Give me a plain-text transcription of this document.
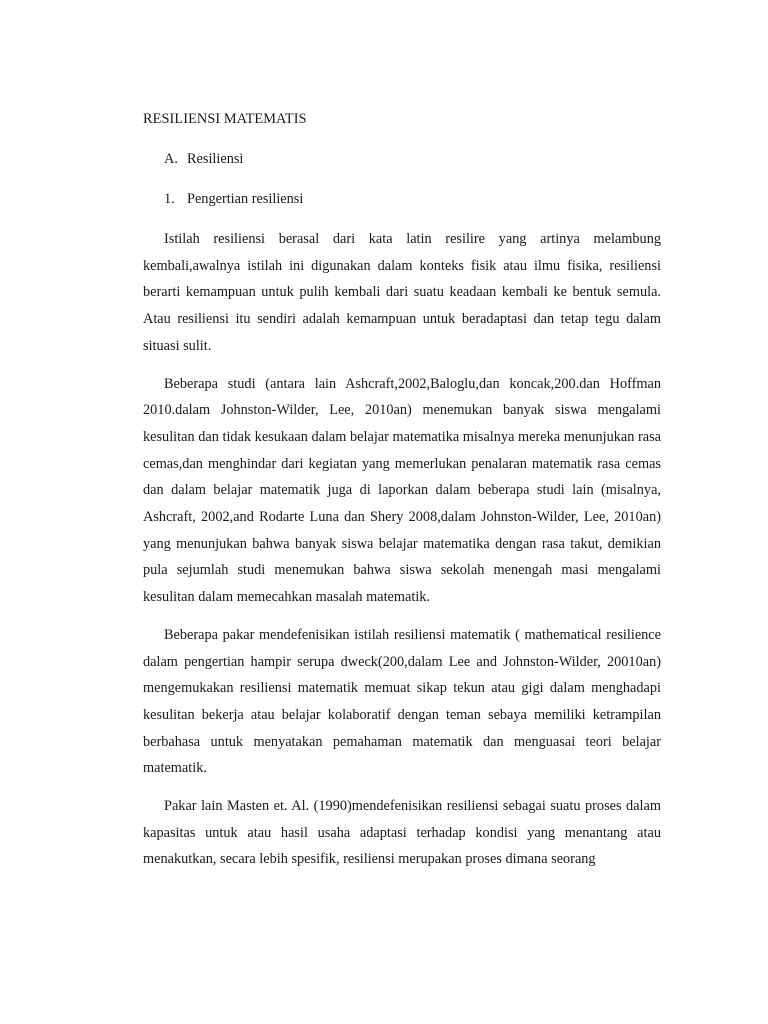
RESILIENSI MATEMATIS
A. Resiliensi
1. Pengertian resiliensi

Istilah resiliensi berasal dari kata latin resilire yang artinya melambung kembali,awalnya istilah ini digunakan dalam konteks fisik atau ilmu fisika, resiliensi berarti kemampuan untuk pulih kembali dari suatu keadaan kembali ke bentuk semula. Atau resiliensi itu sendiri adalah kemampuan untuk beradaptasi dan tetap tegu dalam situasi sulit.

Beberapa studi (antara lain Ashcraft,2002,Baloglu,dan koncak,200.dan Hoffman 2010.dalam Johnston-Wilder, Lee, 2010an) menemukan banyak siswa mengalami kesulitan dan tidak kesukaan dalam belajar matematika misalnya mereka menunjukan rasa cemas,dan menghindar dari kegiatan yang memerlukan penalaran matematik rasa cemas dan dalam belajar matematik juga di laporkan dalam beberapa studi lain (misalnya, Ashcraft, 2002,and Rodarte Luna dan Shery 2008,dalam Johnston-Wilder, Lee, 2010an) yang menunjukan bahwa banyak siswa belajar matematika dengan rasa takut, demikian pula sejumlah studi menemukan bahwa siswa sekolah menengah masi mengalami kesulitan dalam memecahkan masalah matematik.

Beberapa pakar mendefenisikan istilah resiliensi matematik ( mathematical resilience dalam pengertian hampir serupa dweck(200,dalam Lee and Johnston-Wilder, 20010an) mengemukakan resiliensi matematik memuat sikap tekun atau gigi dalam menghadapi kesulitan bekerja atau belajar kolaboratif dengan teman sebaya memiliki ketrampilan berbahasa untuk menyatakan pemahaman matematik dan menguasai teori belajar matematik.

Pakar lain Masten et. Al. (1990)mendefenisikan resiliensi sebagai suatu proses dalam kapasitas untuk atau hasil usaha adaptasi terhadap kondisi yang menantang atau menakutkan, secara lebih spesifik, resiliensi merupakan proses dimana seorang
